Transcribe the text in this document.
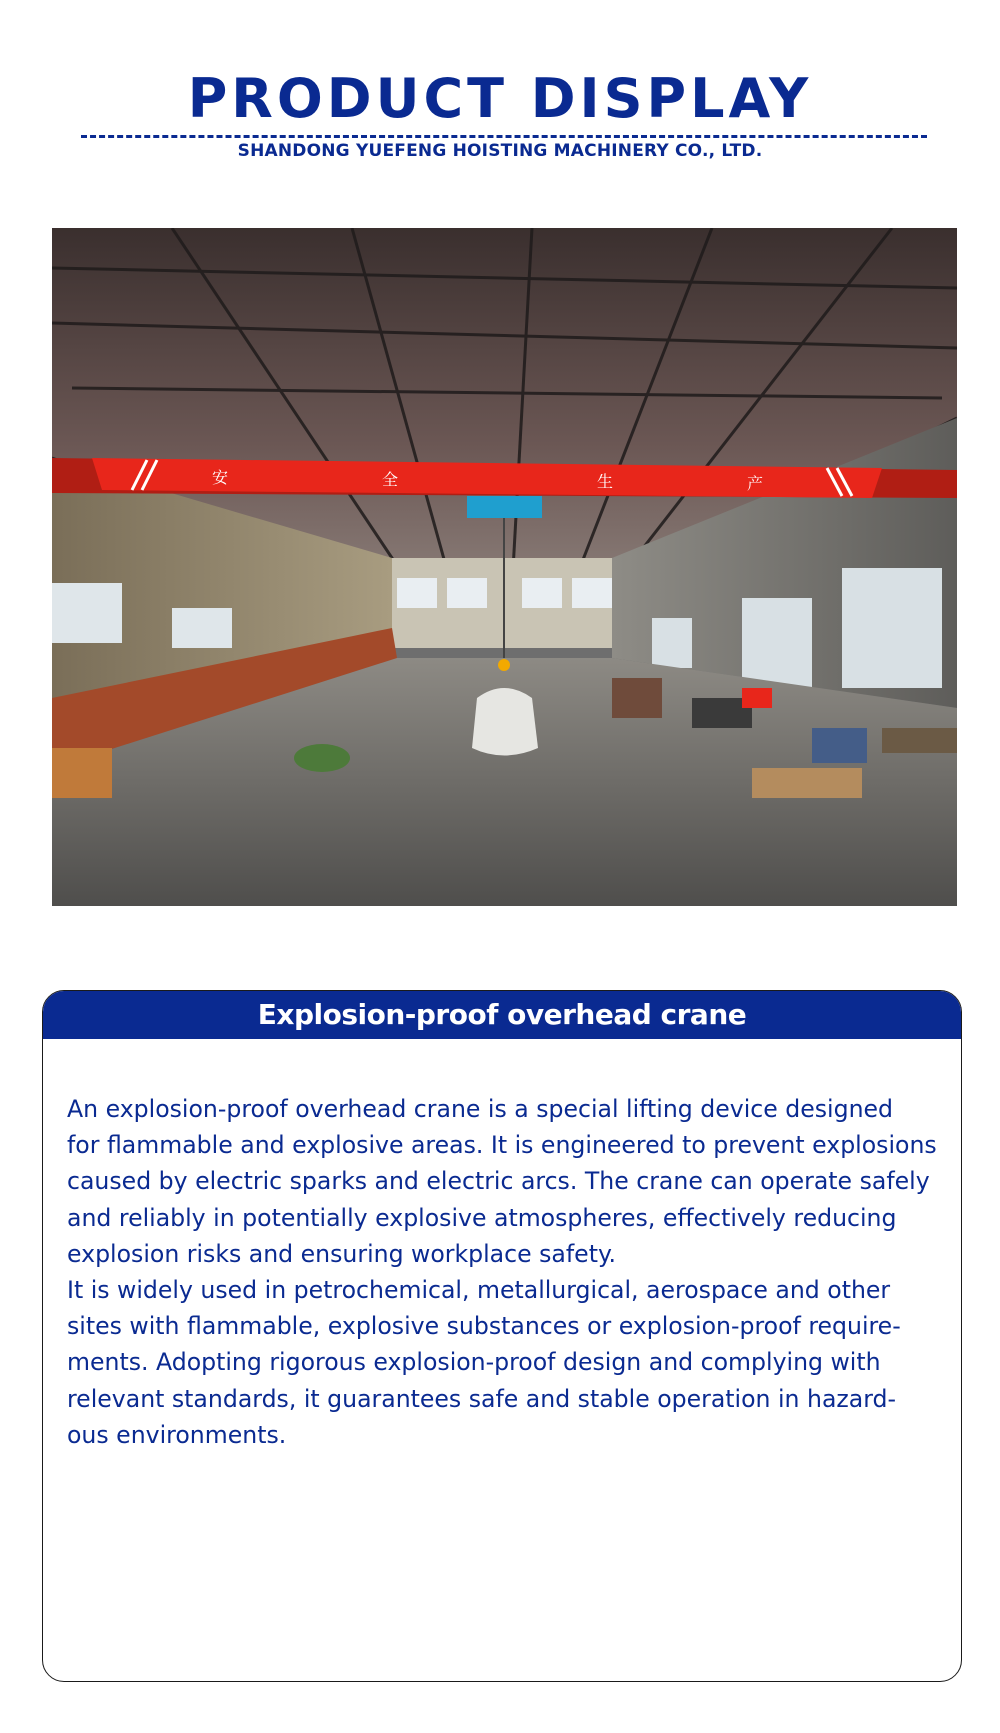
PRODUCT DISPLAY
SHANDONG YUEFENG HOISTING MACHINERY CO., LTD.
安	全	生	产
Explosion-proof overhead crane

An explosion-proof overhead crane is a special lifting device designed

for flammable and explosive areas. It is engineered to prevent explosions

caused by electric sparks and electric arcs. The crane can operate safely

and reliably in potentially explosive atmospheres, effectively reducing

explosion risks and ensuring workplace safety.

It is widely used in petrochemical, metallurgical, aerospace and other

sites with flammable, explosive substances or explosion-proof require-

ments. Adopting rigorous explosion-proof design and complying with

relevant standards, it guarantees safe and stable operation in hazard-

ous environments.
